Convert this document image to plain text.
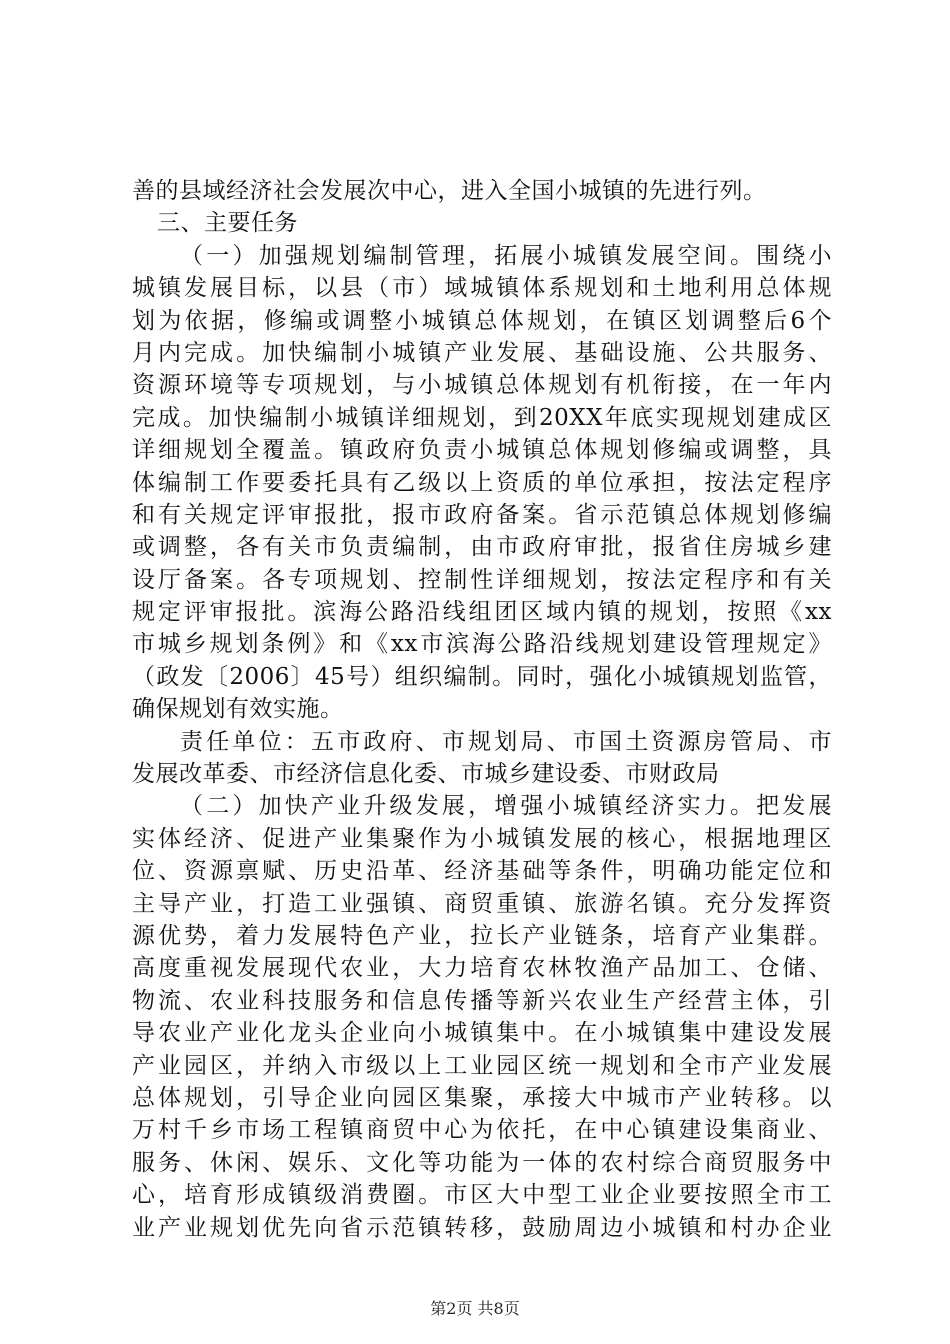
善的县域经济社会发展次中心，进入全国小城镇的先进行列。
三、主要任务
（一）加强规划编制管理，拓展小城镇发展空间。围绕小
城镇发展目标，以县（市）域城镇体系规划和土地利用总体规
划为依据，修编或调整小城镇总体规划，在镇区划调整后6个
月内完成。加快编制小城镇产业发展、基础设施、公共服务、
资源环境等专项规划，与小城镇总体规划有机衔接，在一年内
完成。加快编制小城镇详细规划，到20XX年底实现规划建成区
详细规划全覆盖。镇政府负责小城镇总体规划修编或调整，具
体编制工作要委托具有乙级以上资质的单位承担，按法定程序
和有关规定评审报批，报市政府备案。省示范镇总体规划修编
或调整，各有关市负责编制，由市政府审批，报省住房城乡建
设厅备案。各专项规划、控制性详细规划，按法定程序和有关
规定评审报批。滨海公路沿线组团区域内镇的规划，按照《xx
市城乡规划条例》和《xx市滨海公路沿线规划建设管理规定》
（政发〔2006〕45号）组织编制。同时，强化小城镇规划监管，
确保规划有效实施。
责任单位：五市政府、市规划局、市国土资源房管局、市
发展改革委、市经济信息化委、市城乡建设委、市财政局
（二）加快产业升级发展，增强小城镇经济实力。把发展
实体经济、促进产业集聚作为小城镇发展的核心，根据地理区
位、资源禀赋、历史沿革、经济基础等条件，明确功能定位和
主导产业，打造工业强镇、商贸重镇、旅游名镇。充分发挥资
源优势，着力发展特色产业，拉长产业链条，培育产业集群。
高度重视发展现代农业，大力培育农林牧渔产品加工、仓储、
物流、农业科技服务和信息传播等新兴农业生产经营主体，引
导农业产业化龙头企业向小城镇集中。在小城镇集中建设发展
产业园区，并纳入市级以上工业园区统一规划和全市产业发展
总体规划，引导企业向园区集聚，承接大中城市产业转移。以
万村千乡市场工程镇商贸中心为依托，在中心镇建设集商业、
服务、休闲、娱乐、文化等功能为一体的农村综合商贸服务中
心，培育形成镇级消费圈。市区大中型工业企业要按照全市工
业产业规划优先向省示范镇转移，鼓励周边小城镇和村办企业
第2页 共8页
